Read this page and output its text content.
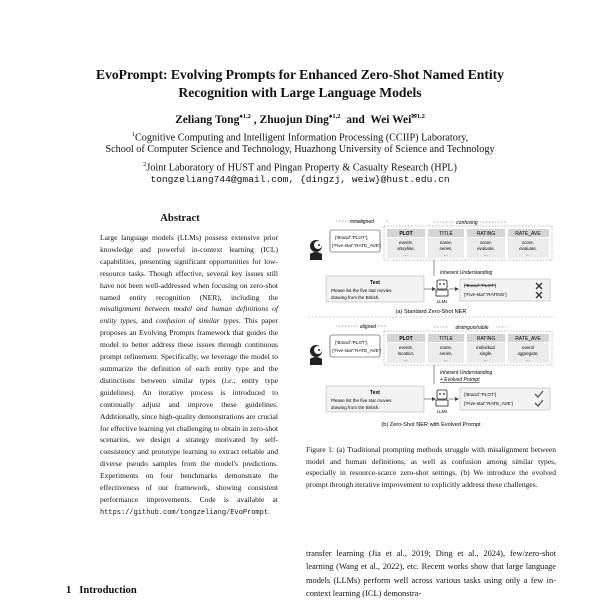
EvoPrompt: Evolving Prompts for Enhanced Zero-Shot Named Entity
Recognition with Large Language Models
Zeliang Tong$^{♠1,2}$ , Zhuojun Ding$^{♠1,2}$  and  Wei Wei$^{✉1,2}$
$^1$Cognitive Computing and Intelligent Information Processing (CCIIP) Laboratory,
School of Computer Science and Technology, Huazhong University of Science and Technology
$^2$Joint Laboratory of HUST and Pingan Property & Casualty Research (HPL)
tongzeliang744@gmail.com, {dingzj, weiw}@hust.edu.cn
Abstract
Large language models (LLMs) possess extensive prior knowledge and powerful in-context learning (ICL) capabilities, presenting significant opportunities for low-resource tasks. Though effective, several key issues still have not been well-addressed when focusing on zero-shot named entity recognition (NER), including the misalignment between model and human definitions of entity types, and confusion of similar types. This paper proposes an Evolving Prompts framework that guides the model to better address these issues through continuous prompt refinement. Specifically, we leverage the model to summarize the definition of each entity type and the distinctions between similar types (i.e., entity type guidelines). An iterative process is introduced to continually adjust and improve these guidelines. Additionally, since high-quality demonstrations are crucial for effective learning yet challenging to obtain in zero-shot scenarios, we design a strategy motivated by self-consistency and prototype learning to extract reliable and diverse pseudo samples from the model's predictions. Experiments on four benchmarks demonstrate the effectiveness of our framework, showing consistent performance improvements. Code is available at https://github.com/tongzeliang/EvoPrompt.
1 Introduction
misaligned	confusing
{'Brand':'PLOT'},
{'Five-star':'RATE_AVE'}
PLOT	TITLE	RATING	RATE_AVE
events,	name,	score,	score,
storyline,	series,	evaluate,	evaluate,
...	...	...	...
Inherent Understanding
Text
Please list the five star movies
drawing from the British.
LLMs
{'Brand':'PLOT'}
{'Five-star':'RATING'}
(a) Standard Zero-Shot NER
aligned	distinguishable
{'Brand':'PLOT'},
{'Five-star':'RATE_AVE'}
PLOT	TITLE	RATING	RATE_AVE
events,	name,	individual,	overal
location,	series,	single,	aggregate,
...	...	...	...
Inherent Understanding
+ Evolved Prompt
Text
Please list the five star movies
drawing from the British.
LLMs
{'Brand':'PLOT'}
{'Five-star':'RATE_AVE'}
(b) Zero-Shot NER with Evolved Prompt
Figure 1: (a) Traditional prompting methods struggle with misalignment between model and human definitions, as well as confusion among similar types, especially in resource-scarce zero-shot settings. (b) We introduce the evolved prompt through iterative improvement to explicitly address these challenges.
transfer learning (Jia et al., 2019; Ding et al., 2024), few/zero-shot learning (Wang et al., 2022), etc. Recent works show that large language models (LLMs) perform well across various tasks using only a few in-context learning (ICL) demonstra-
